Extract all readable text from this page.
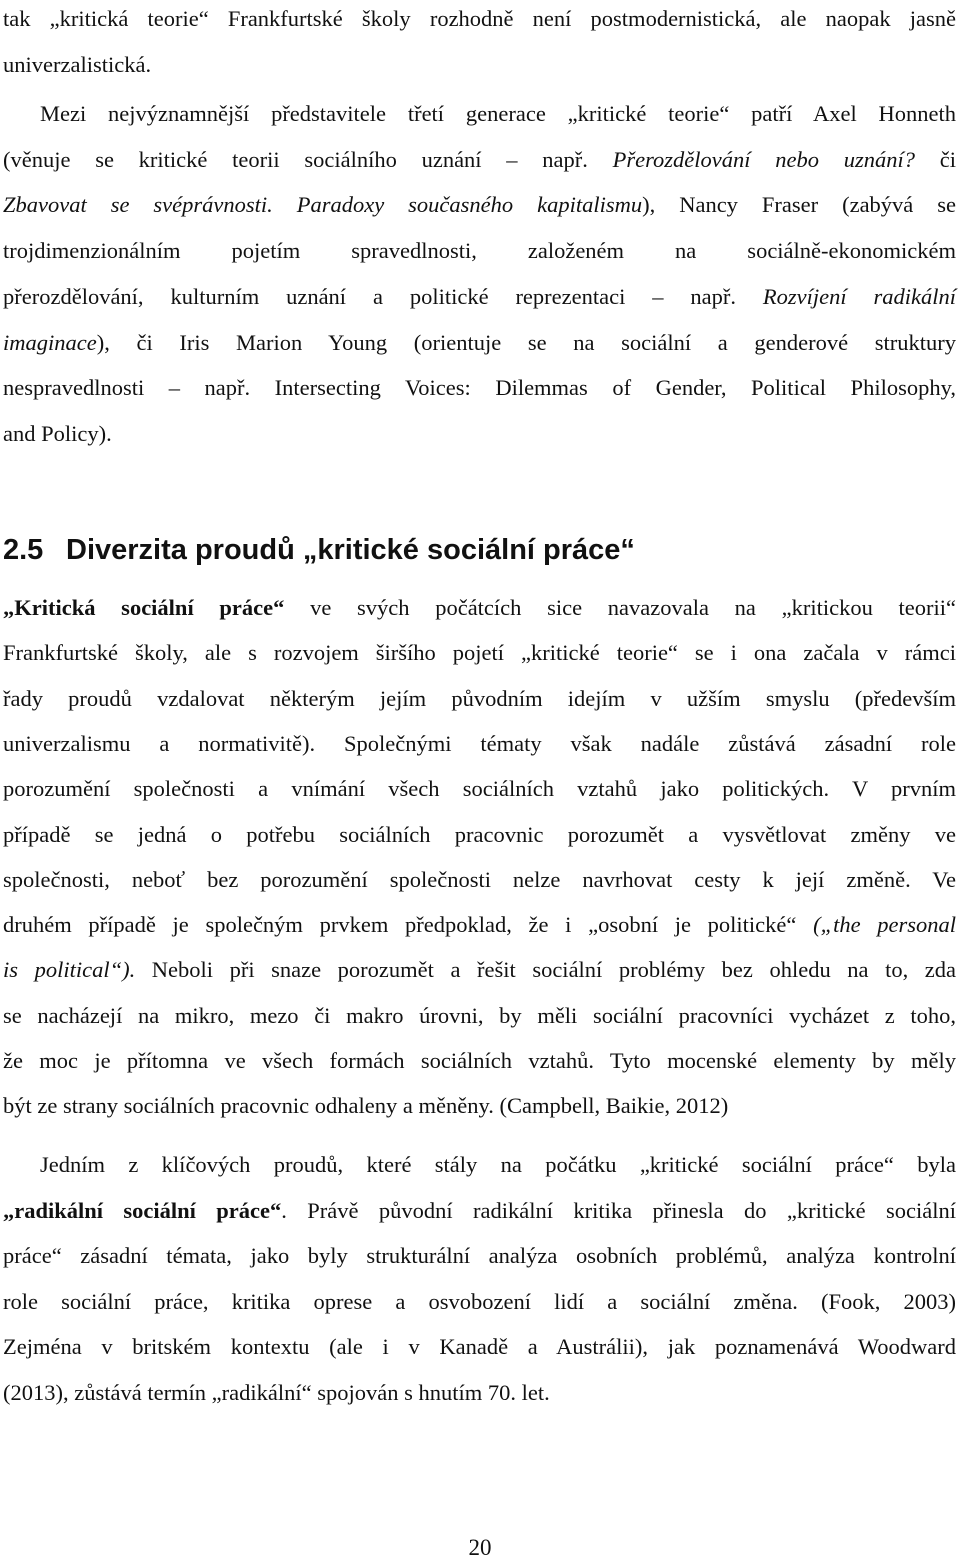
tak „kritická teorie“ Frankfurtské školy rozhodně není postmodernistická, ale naopak jasně
univerzalistická.
Mezi nejvýznamnější představitele třetí generace „kritické teorie“ patří Axel Honneth
(věnuje se kritické teorii sociálního uznání – např. Přerozdělování nebo uznání? či
Zbavovat se svéprávnosti. Paradoxy současného kapitalismu), Nancy Fraser (zabývá se
trojdimenzionálním pojetím spravedlnosti, založeném na sociálně-ekonomickém
přerozdělování, kulturním uznání a politické reprezentaci – např. Rozvíjení radikální
imaginace), či Iris Marion Young (orientuje se na sociální a genderové struktury
nespravedlnosti – např. Intersecting Voices: Dilemmas of Gender, Political Philosophy,
and Policy).
„Kritická sociální práce“ ve svých počátcích sice navazovala na „kritickou teorii“
Frankfurtské školy, ale s rozvojem širšího pojetí „kritické teorie“ se i ona začala v rámci
řady proudů vzdalovat některým jejím původním idejím v užším smyslu (především
univerzalismu a normativitě). Společnými tématy však nadále zůstává zásadní role
porozumění společnosti a vnímání všech sociálních vztahů jako politických. V prvním
případě se jedná o potřebu sociálních pracovnic porozumět a vysvětlovat změny ve
společnosti, neboť bez porozumění společnosti nelze navrhovat cesty k její změně. Ve
druhém případě je společným prvkem předpoklad, že i „osobní je politické“ („the personal
is political“). Neboli při snaze porozumět a řešit sociální problémy bez ohledu na to, zda
se nacházejí na mikro, mezo či makro úrovni, by měli sociální pracovníci vycházet z toho,
že moc je přítomna ve všech formách sociálních vztahů. Tyto mocenské elementy by měly
být ze strany sociálních pracovnic odhaleny a měněny. (Campbell, Baikie, 2012)
Jedním z klíčových proudů, které stály na počátku „kritické sociální práce“ byla
„radikální sociální práce“. Právě původní radikální kritika přinesla do „kritické sociální
práce“ zásadní témata, jako byly strukturální analýza osobních problémů, analýza kontrolní
role sociální práce, kritika oprese a osvobození lidí a sociální změna. (Fook, 2003)
Zejména v britském kontextu (ale i v Kanadě a Austrálii), jak poznamenává Woodward
(2013), zůstává termín „radikální“ spojován s hnutím 70. let.
2.5 Diverzita proudů „kritické sociální práce“
20
